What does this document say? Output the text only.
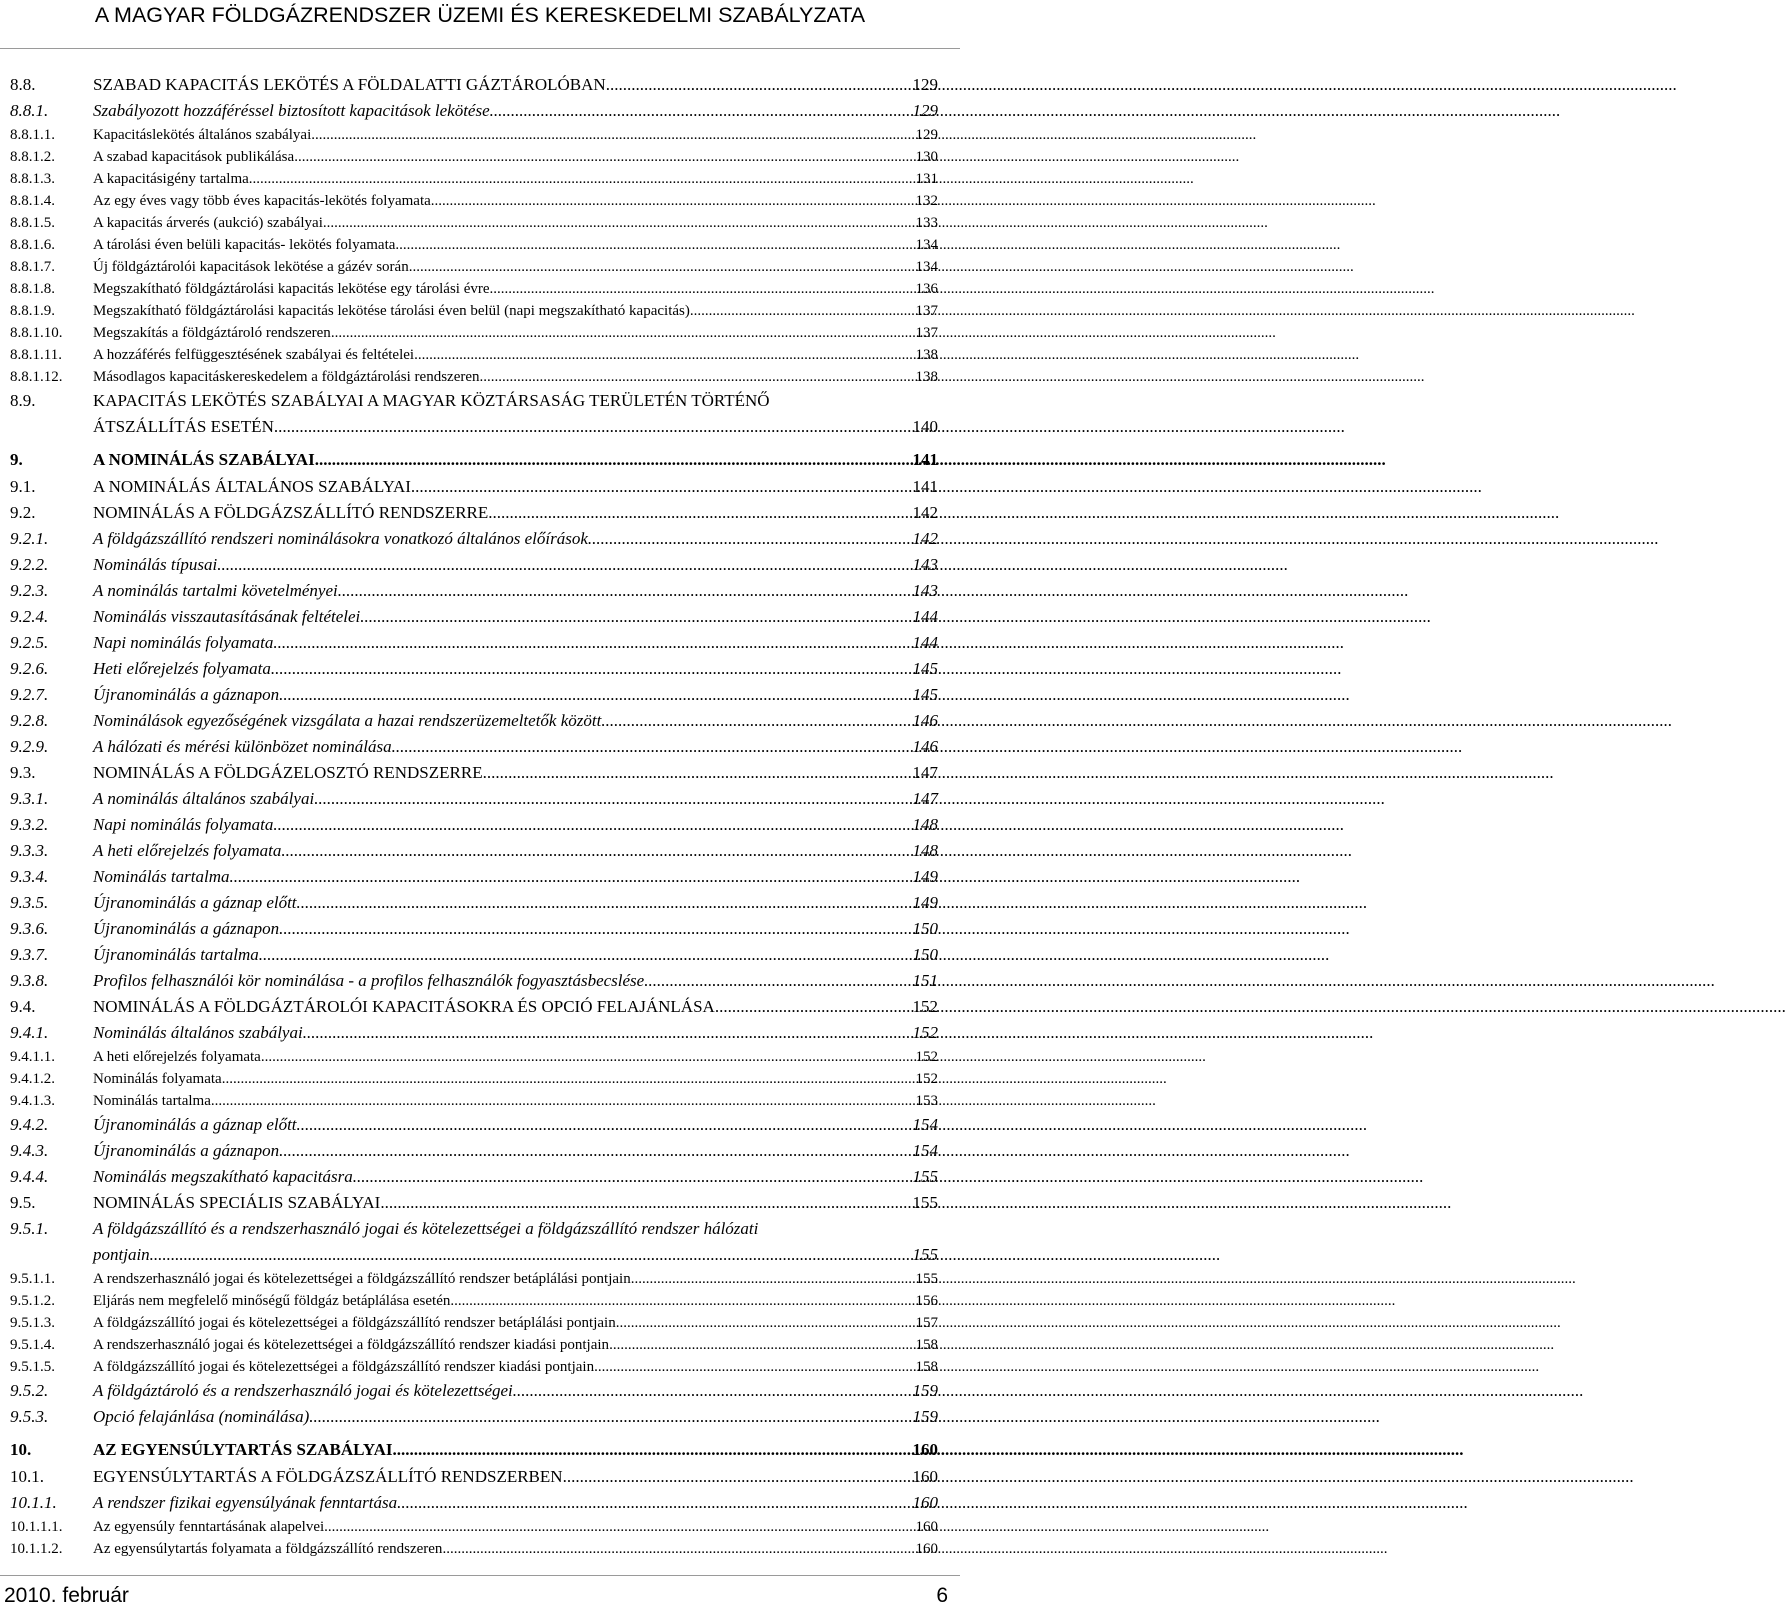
A MAGYAR FÖLDGÁZRENDSZER ÜZEMI ÉS KERESKEDELMI SZABÁLYZATA
8.8.	SZABAD KAPACITÁS LEKÖTÉS A FÖLDALATTI GÁZTÁROLÓBAN .....	129
8.8.1.	Szabályozott hozzáféréssel biztosított kapacitások lekötése .....	129
8.8.1.1.	Kapacitáslekötés általános szabályai .....	129
8.8.1.2.	A szabad kapacitások publikálása .....	130
8.8.1.3.	A kapacitásigény tartalma .....	131
8.8.1.4.	Az egy éves vagy több éves kapacitás-lekötés folyamata .....	132
8.8.1.5.	A kapacitás árverés (aukció) szabályai .....	133
8.8.1.6.	A tárolási éven belüli kapacitás- lekötés folyamata .....	134
8.8.1.7.	Új földgáztárolói kapacitások lekötése a gázév során .....	134
8.8.1.8.	Megszakítható földgáztárolási kapacitás lekötése egy tárolási évre .....	136
8.8.1.9.	Megszakítható földgáztárolási kapacitás lekötése tárolási éven belül (napi megszakítható kapacitás) .....	137
8.8.1.10.	Megszakítás a földgáztároló rendszeren .....	137
8.8.1.11.	A hozzáférés felfüggesztésének szabályai és feltételei .....	138
8.8.1.12.	Másodlagos kapacitáskereskedelem a földgáztárolási rendszeren .....	138
8.9.	KAPACITÁS LEKÖTÉS SZABÁLYAI A MAGYAR KÖZTÁRSASÁG TERÜLETÉN TÖRTÉNŐ
ÁTSZÁLLÍTÁS ESETÉN .....	140
9.	A NOMINÁLÁS SZABÁLYAI .....	141
9.1.	A NOMINÁLÁS ÁLTALÁNOS SZABÁLYAI .....	141
9.2.	NOMINÁLÁS A FÖLDGÁZSZÁLLÍTÓ RENDSZERRE .....	142
9.2.1.	A földgázszállító rendszeri nominálásokra vonatkozó általános előírások .....	142
9.2.2.	Nominálás típusai .....	143
9.2.3.	A nominálás tartalmi követelményei .....	143
9.2.4.	Nominálás visszautasításának feltételei .....	144
9.2.5.	Napi nominálás folyamata .....	144
9.2.6.	Heti előrejelzés folyamata .....	145
9.2.7.	Újranominálás a gáznapon .....	145
9.2.8.	Nominálások egyezőségének vizsgálata a hazai rendszerüzemeltetők között .....	146
9.2.9.	A hálózati és mérési különbözet nominálása .....	146
9.3.	NOMINÁLÁS A FÖLDGÁZELOSZTÓ RENDSZERRE .....	147
9.3.1.	A nominálás általános szabályai .....	147
9.3.2.	Napi nominálás folyamata .....	148
9.3.3.	A heti előrejelzés folyamata .....	148
9.3.4.	Nominálás tartalma .....	149
9.3.5.	Újranominálás a gáznap előtt .....	149
9.3.6.	Újranominálás a gáznapon .....	150
9.3.7.	Újranominálás tartalma .....	150
9.3.8.	Profilos felhasználói kör nominálása - a profilos felhasználók fogyasztásbecslése .....	151
9.4.	NOMINÁLÁS A FÖLDGÁZTÁROLÓI KAPACITÁSOKRA ÉS OPCIÓ FELAJÁNLÁSA .....	152
9.4.1.	Nominálás általános szabályai .....	152
9.4.1.1.	A heti előrejelzés folyamata .....	152
9.4.1.2.	Nominálás folyamata .....	152
9.4.1.3.	Nominálás tartalma .....	153
9.4.2.	Újranominálás a gáznap előtt .....	154
9.4.3.	Újranominálás a gáznapon .....	154
9.4.4.	Nominálás megszakítható kapacitásra .....	155
9.5.	NOMINÁLÁS SPECIÁLIS SZABÁLYAI .....	155
9.5.1.	A földgázszállító és a rendszerhasználó jogai és kötelezettségei a földgázszállító rendszer hálózati
pontjain .....	155
9.5.1.1.	A rendszerhasználó jogai és kötelezettségei a földgázszállító rendszer betáplálási pontjain .....	155
9.5.1.2.	Eljárás nem megfelelő minőségű földgáz betáplálása esetén .....	156
9.5.1.3.	A földgázszállító jogai és kötelezettségei a földgázszállító rendszer betáplálási pontjain .....	157
9.5.1.4.	A rendszerhasználó jogai és kötelezettségei a földgázszállító rendszer kiadási pontjain .....	158
9.5.1.5.	A földgázszállító jogai és kötelezettségei a földgázszállító rendszer kiadási pontjain .....	158
9.5.2.	A földgáztároló és a rendszerhasználó jogai és kötelezettségei .....	159
9.5.3.	Opció felajánlása (nominálása) .....	159
10.	AZ EGYENSÚLYTARTÁS SZABÁLYAI .....	160
10.1.	EGYENSÚLYTARTÁS A FÖLDGÁZSZÁLLÍTÓ RENDSZERBEN .....	160
10.1.1.	A rendszer fizikai egyensúlyának fenntartása .....	160
10.1.1.1.	Az egyensúly fenntartásának alapelvei .....	160
10.1.1.2.	Az egyensúlytartás folyamata a földgázszállító rendszeren .....	160
2010. február	6
